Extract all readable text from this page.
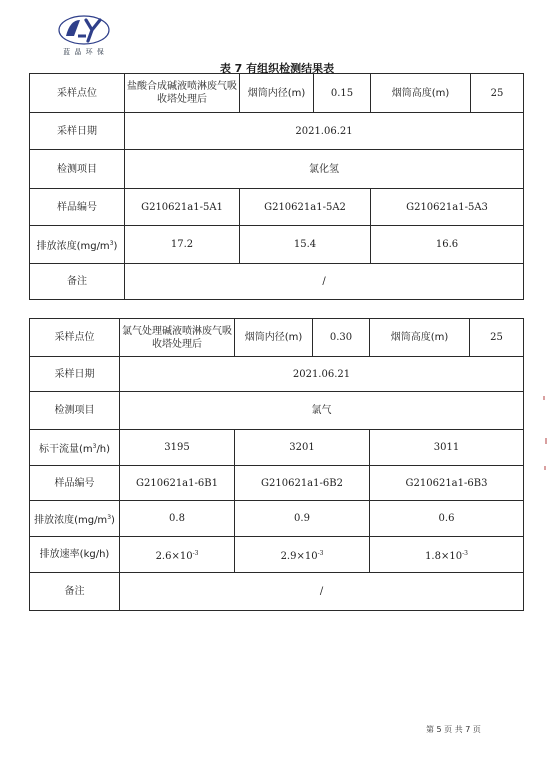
蓝 晶 环 保
表 7 有组织检测结果表
采样点位	盐酸合成碱液喷淋废气吸收塔处理后	烟筒内径(m)	0.15	烟筒高度(m)	25
采样日期	2021.06.21				
检测项目	氯化氢				
样品编号	G210621a1-5A1	G210621a1-5A2		G210621a1-5A3	
排放浓度$(mg/m^3)$	17.2	15.4		16.6	
备注	/				
采样点位	氯气处理碱液喷淋废气吸收塔处理后	烟筒内径(m)	0.30	烟筒高度(m)	25
采样日期	2021.06.21				
检测项目	氯气				
标干流量$(m^3/h)$	3195	3201		3011	
样品编号	G210621a1-6B1	G210621a1-6B2		G210621a1-6B3	
排放浓度$(mg/m^3)$	0.8	0.9		0.6	
排放速率(kg/h)	$2.6\times 10^{-3}$	$2.9\times 10^{-3}$		$1.8\times 10^{-3}$
备注	/				
第 5 页 共 7 页
